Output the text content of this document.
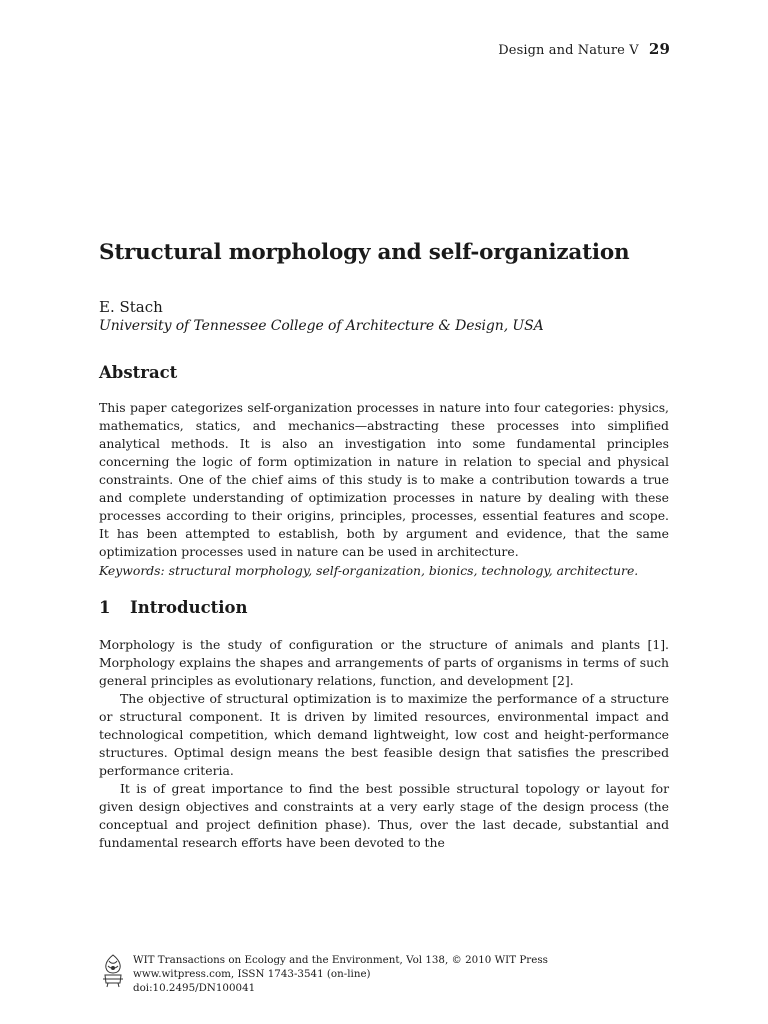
Design and Nature V 29
Structural morphology and self-organization
E. Stach
University of Tennessee College of Architecture & Design, USA
Abstract

This paper categorizes self-organization processes in nature into four categories: physics, mathematics, statics, and mechanics—abstracting these processes into simplified analytical methods. It is also an investigation into some fundamental principles concerning the logic of form optimization in nature in relation to special and physical constraints. One of the chief aims of this study is to make a contribution towards a true and complete understanding of optimization processes in nature by dealing with these processes according to their origins, principles, processes, essential features and scope. It has been attempted to establish, both by argument and evidence, that the same optimization processes used in nature can be used in architecture.

Keywords: structural morphology, self-organization, bionics, technology, architecture.

1	Introduction

Morphology is the study of configuration or the structure of animals and plants [1]. Morphology explains the shapes and arrangements of parts of organisms in terms of such general principles as evolutionary relations, function, and development [2].

The objective of structural optimization is to maximize the performance of a structure or structural component. It is driven by limited resources, environmental impact and technological competition, which demand lightweight, low cost and height-performance structures. Optimal design means the best feasible design that satisfies the prescribed performance criteria.

It is of great importance to find the best possible structural topology or layout for given design objectives and constraints at a very early stage of the design process (the conceptual and project definition phase). Thus, over the last decade, substantial and fundamental research efforts have been devoted to the

WIT Transactions on Ecology and the Environment, Vol 138, © 2010 WIT Press
www.witpress.com, ISSN 1743-3541 (on-line)
doi:10.2495/DN100041
